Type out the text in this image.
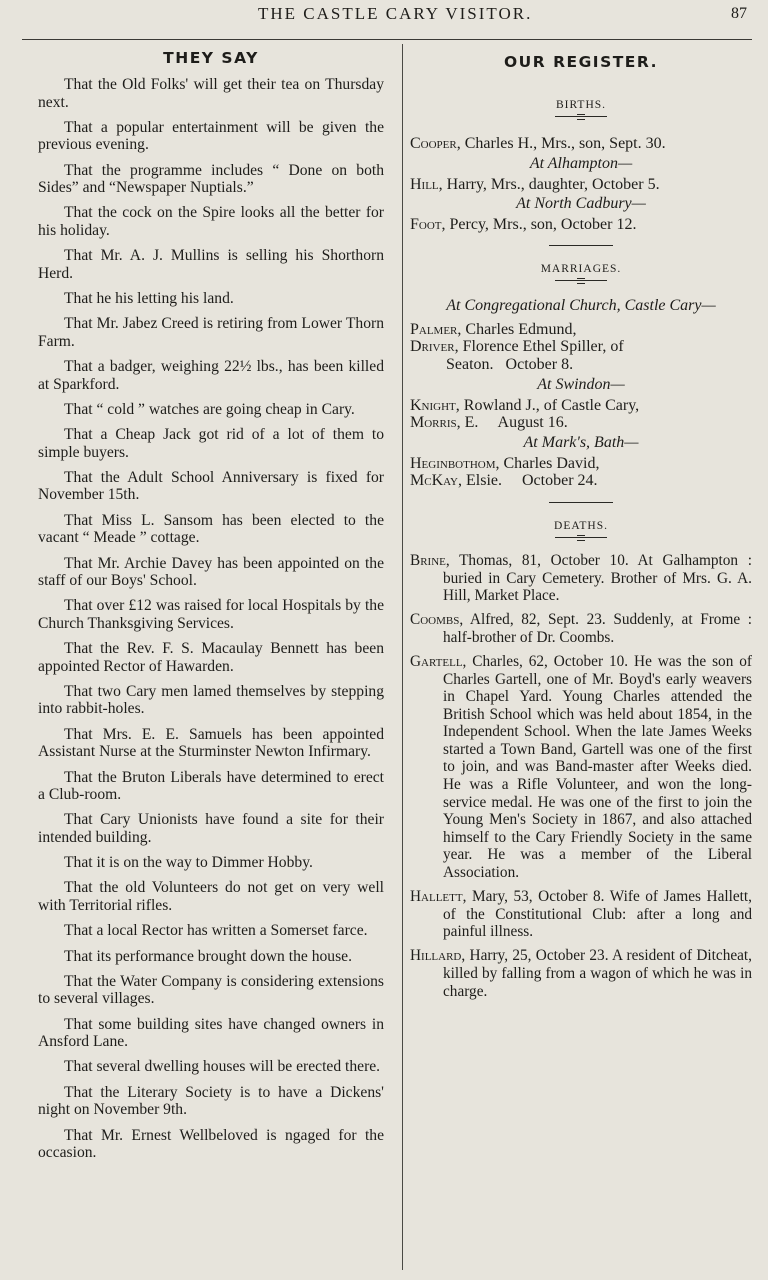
THE CASTLE CARY VISITOR.	87
THEY SAY

That the Old Folks' will get their tea on Thursday next.

That a popular entertainment will be given the previous evening.

That the programme includes “ Done on both Sides” and “Newspaper Nuptials.”

That the cock on the Spire looks all the better for his holiday.

That Mr. A. J. Mullins is selling his Shorthorn Herd.

That he his letting his land.

That Mr. Jabez Creed is retiring from Lower Thorn Farm.

That a badger, weighing 22½ lbs., has been killed at Sparkford.

That “ cold ” watches are going cheap in Cary.

That a Cheap Jack got rid of a lot of them to simple buyers.

That the Adult School Anniversary is fixed for November 15th.

That Miss L. Sansom has been elected to the vacant “ Meade ” cottage.

That Mr. Archie Davey has been appointed on the staff of our Boys' School.

That over £12 was raised for local Hospitals by the Church Thanksgiving Services.

That the Rev. F. S. Macaulay Bennett has been appointed Rector of Hawarden.

That two Cary men lamed themselves by stepping into rabbit-holes.

That Mrs. E. E. Samuels has been appointed Assistant Nurse at the Sturminster Newton Infirmary.

That the Bruton Liberals have determined to erect a Club-room.

That Cary Unionists have found a site for their intended building.

That it is on the way to Dimmer Hobby.

That the old Volunteers do not get on very well with Territorial rifles.

That a local Rector has written a Somerset farce.

That its performance brought down the house.

That the Water Company is considering extensions to several villages.

That some building sites have changed owners in Ansford Lane.

That several dwelling houses will be erected there.

That the Literary Society is to have a Dickens' night on November 9th.

That Mr. Ernest Wellbeloved is ngaged for the occasion.

OUR REGISTER.

BIRTHS.

Cooper, Charles H., Mrs., son, Sept. 30.

At Alhampton—

Hill, Harry, Mrs., daughter, October 5.

At North Cadbury—

Foot, Percy, Mrs., son, October 12.

MARRIAGES.

At Congregational Church, Castle Cary—

Palmer, Charles Edmund,

Driver, Florence Ethel Spiller, of

Seaton.   October 8.

At Swindon—

Knight, Rowland J., of Castle Cary,

Morris, E.     August 16.

At Mark's, Bath—

Heginbothom, Charles David,

McKay, Elsie.     October 24.

DEATHS.

Brine, Thomas, 81, October 10. At Galhampton : buried in Cary Cemetery. Brother of Mrs. G. A. Hill, Market Place.

Coombs, Alfred, 82, Sept. 23. Suddenly, at Frome : half-brother of Dr. Coombs.

Gartell, Charles, 62, October 10. He was the son of Charles Gartell, one of Mr. Boyd's early weavers in Chapel Yard. Young Charles attended the British School which was held about 1854, in the Independent School. When the late James Weeks started a Town Band, Gartell was one of the first to join, and was Band-master after Weeks died. He was a Rifle Volunteer, and won the long-service medal. He was one of the first to join the Young Men's Society in 1867, and also attached himself to the Cary Friendly Society in the same year. He was a member of the Liberal Association.

Hallett, Mary, 53, October 8. Wife of James Hallett, of the Constitutional Club: after a long and painful illness.

Hillard, Harry, 25, October 23. A resident of Ditcheat, killed by falling from a wagon of which he was in charge.
